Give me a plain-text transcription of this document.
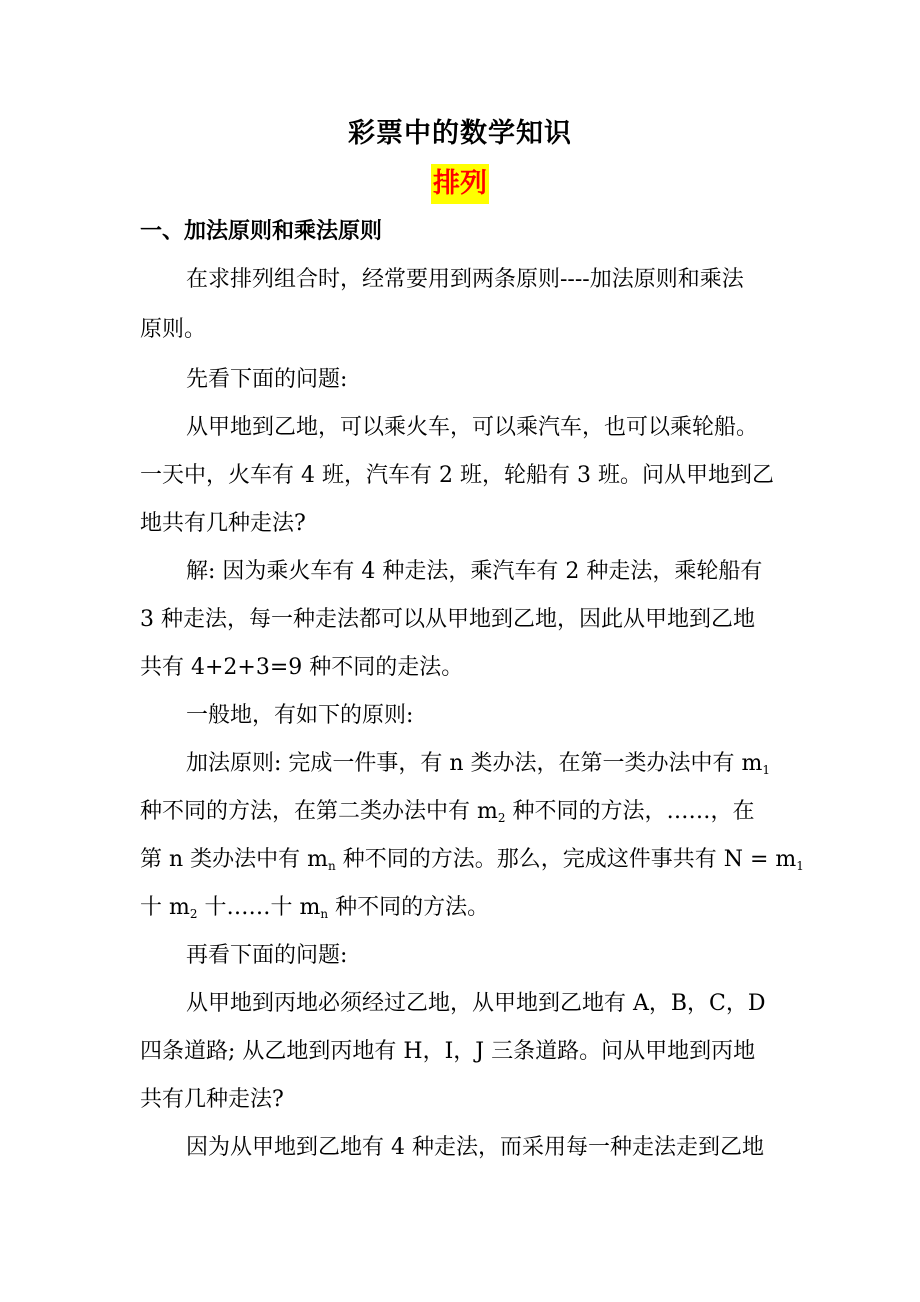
彩票中的数学知识
排列
一、加法原则和乘法原则
在求排列组合时，经常要用到两条原则----加法原则和乘法
原则。
先看下面的问题:
从甲地到乙地，可以乘火车，可以乘汽车，也可以乘轮船。
一天中，火车有 4 班，汽车有 2 班，轮船有 3 班。问从甲地到乙
地共有几种走法?
解: 因为乘火车有 4 种走法，乘汽车有 2 种走法，乘轮船有
3 种走法，每一种走法都可以从甲地到乙地，因此从甲地到乙地
共有 4+2+3=9 种不同的走法。
一般地，有如下的原则:
加法原则: 完成一件事，有 n 类办法，在第一类办法中有 $m_1$
种不同的方法，在第二类办法中有 $m_2$ 种不同的方法，……，在
第 n 类办法中有 $m_n$ 种不同的方法。那么，完成这件事共有 $N = m_1$
十 $m_2$ 十……十 $m_n$ 种不同的方法。
再看下面的问题:
从甲地到丙地必须经过乙地，从甲地到乙地有 A，B，C，D
四条道路; 从乙地到丙地有 H，I，J 三条道路。问从甲地到丙地
共有几种走法?
因为从甲地到乙地有 4 种走法，而采用每一种走法走到乙地
